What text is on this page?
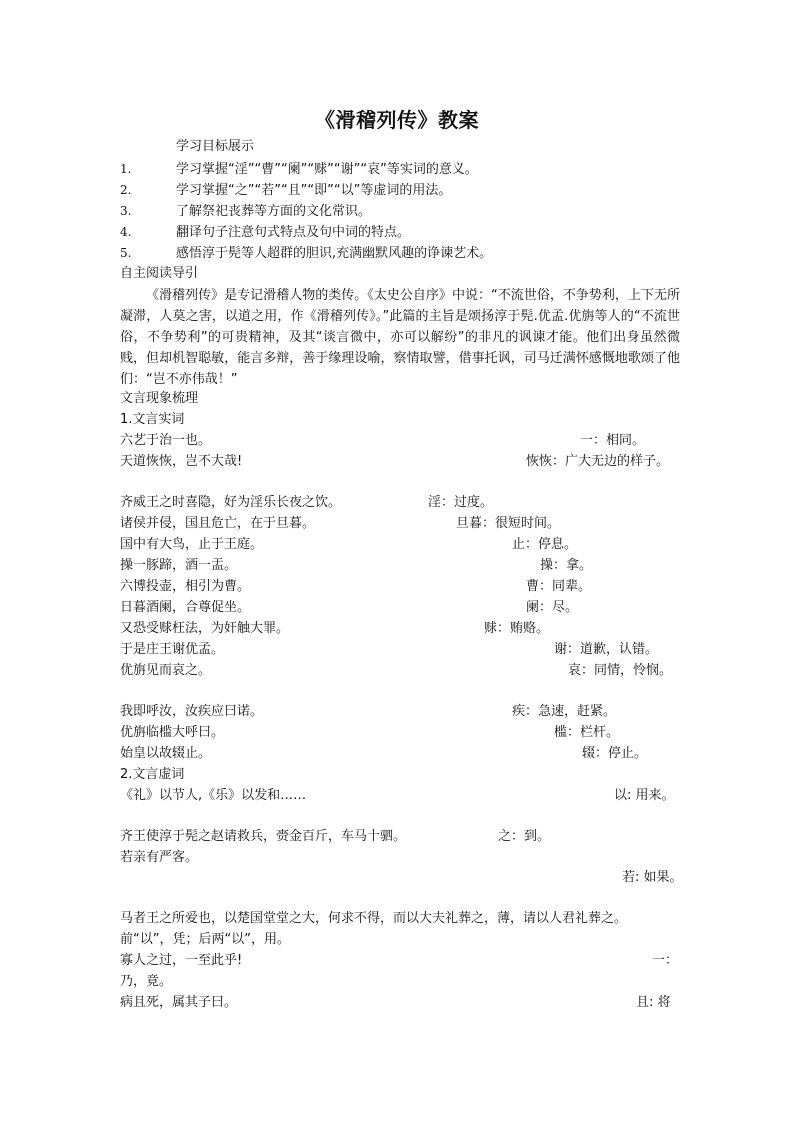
《滑稽列传》教案
学习目标展示
1.	学习掌握“淫”“曹”“阑”“赇”“谢”“哀”等实词的意义。
2.	学习掌握“之”“若”“且”“即”“以”等虚词的用法。
3.	了解祭祀丧葬等方面的文化常识。
4.	翻译句子注意句式特点及句中词的特点。
5.	感悟淳于髡等人超群的胆识,充满幽默风趣的诤谏艺术。
自主阅读导引
《滑稽列传》是专记滑稽人物的类传。《太史公自序》中说：“不流世俗，不争势利，上下无所凝滞，人莫之害，以道之用，作《滑稽列传》。”此篇的主旨是颂扬淳于髡.优孟.优旃等人的“不流世俗，不争势利”的可贵精神，及其“谈言微中，亦可以解纷”的非凡的讽谏才能。他们出身虽然微贱，但却机智聪敏，能言多辩，善于缘理设喻，察情取譬，借事托讽，司马迁满怀感慨地歌颂了他们：“岂不亦伟哉！”
文言现象梳理
1.文言实词
六艺于治一也。	一：相同。
天道恢恢，岂不大哉!	恢恢：广大无边的样子。
齐威王之时喜隐，好为淫乐长夜之饮。	淫：过度。
诸侯并侵，国且危亡，在于旦暮。	旦暮：很短时间。
国中有大鸟，止于王庭。	止：停息。
操一豚蹄，酒一盂。	操：拿。
六博投壶，相引为曹。	曹：同辈。
日暮酒阑，合尊促坐。	阑：尽。
又恐受赇枉法，为奸触大罪。	赇：贿赂。
于是庄王谢优孟。	谢：道歉，认错。
优旃见而哀之。	哀：同情，怜悯。
我即呼汝，汝疾应曰诺。	疾：急速，赶紧。
优旃临槛大呼曰。	槛：栏杆。
始皇以故辍止。	辍：停止。
2.文言虚词
《礼》以节人,《乐》以发和……	以: 用来。
齐王使淳于髡之赵请救兵，赍金百斤，车马十驷。	之：到。
若亲有严客。
若: 如果。
马者王之所爱也，以楚国堂堂之大，何求不得，而以大夫礼葬之，薄，请以人君礼葬之。
前“以”，凭；后两“以”，用。
寡人之过，一至此乎!	一：
乃，竟。
病且死，属其子曰。	且: 将
